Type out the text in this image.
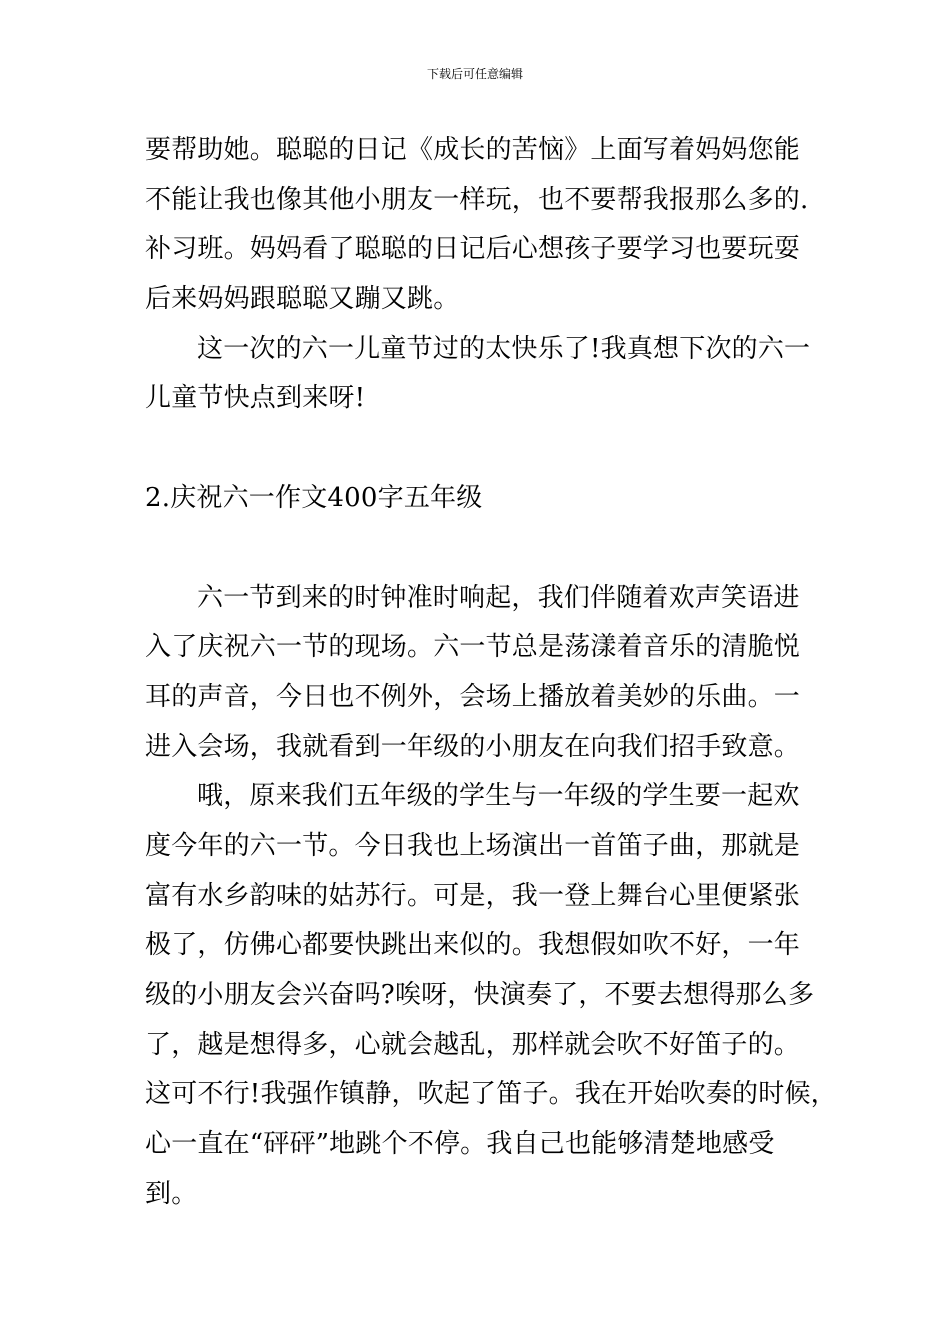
下载后可任意编辑
要帮助她。聪聪的日记《成长的苦恼》上面写着妈妈您能
不能让我也像其他小朋友一样玩，也不要帮我报那么多的.
补习班。妈妈看了聪聪的日记后心想孩子要学习也要玩耍
后来妈妈跟聪聪又蹦又跳。
这一次的六一儿童节过的太快乐了!我真想下次的六一
儿童节快点到来呀!
2.庆祝六一作文400字五年级
六一节到来的时钟准时响起，我们伴随着欢声笑语进
入了庆祝六一节的现场。六一节总是荡漾着音乐的清脆悦
耳的声音，今日也不例外，会场上播放着美妙的乐曲。一
进入会场，我就看到一年级的小朋友在向我们招手致意。
哦，原来我们五年级的学生与一年级的学生要一起欢
度今年的六一节。今日我也上场演出一首笛子曲，那就是
富有水乡韵味的姑苏行。可是，我一登上舞台心里便紧张
极了，仿佛心都要快跳出来似的。我想假如吹不好，一年
级的小朋友会兴奋吗?唉呀，快演奏了，不要去想得那么多
了，越是想得多，心就会越乱，那样就会吹不好笛子的。
这可不行!我强作镇静，吹起了笛子。我在开始吹奏的时候，
心一直在“砰砰”地跳个不停。我自己也能够清楚地感受
到。
